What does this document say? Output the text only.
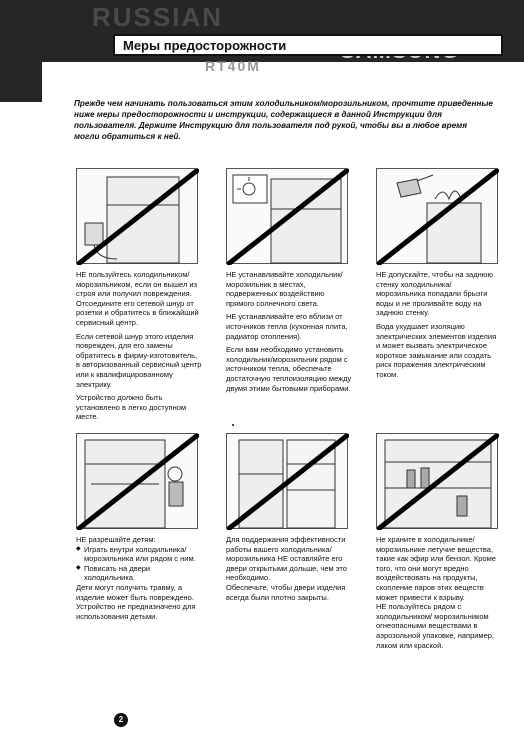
RUSSIAN
RT40M
RUS
Меры предосторожности
Прежде чем начинать пользоваться этим холодильником/морозильником, прочтите приведенные ниже меры предосторожности и инструкции, содержащиеся в данной Инструкции для пользователя. Держите Инструкцию для пользователя под рукой, чтобы вы в любое время могли обратиться к ней.

НЕ пользуйтесь холодильником/ морозильником, если он вышел из строя или получил повреждения. Отсоедините его сетевой шнур от розетки и обратитесь в ближайший сервисный центр.

Если сетевой шнур этого изделия поврежден, для его замены обратитесь в фирму-изготовитель, в авторизованный сервисный центр или к квалифицированному электрику.

Устройство должно быть установлено в легко доступном месте.

НЕ устанавливайте холодильник/ морозильник в местах, подверженных воздействию прямого солнечного света.

НЕ устанавливайте его вблизи от источников тепла (кухонная плита, радиатор отопления).

Если вам необходимо установить холодильник/морозильник рядом с источником тепла, обеспечьте достаточную теплоизоляцию между двумя этими бытовыми приборами.

НЕ допускайте, чтобы на заднюю стенку холодильника/ морозильника попадали брызги воды и не проливайте воду на заднюю стенку.

Вода ухудшает изоляцию электрических элементов изделия и может вызвать электрическое короткое замыкание или создать риск поражения электрическим током.

НЕ разрешайте детям:

◆ Играть внутри холодильника/ морозильника или рядом с ним.
◆ Повисать на двери холодильника.

Дети могут получить травму, а изделие может быть повреждено.

Устройство не предназначено для использования детьми.

Для поддержания эффективности работы вашего холодильника/ морозильника НЕ оставляйте его двери открытыми дольше, чем это необходимо.

Обеспечьте, чтобы двери изделия всегда были плотно закрыты.

Не храните в холодильнике/ морозильнике летучие вещества, такие как эфир или бензол. Кроме того, что они могут вредно воздействовать на продукты, скопление паров этих веществ может привести к взрыву.

НЕ пользуйтесь рядом с холодильником/ морозильником огнеопасными веществами в аэрозольной упаковке, например, лаком или краской.

2
